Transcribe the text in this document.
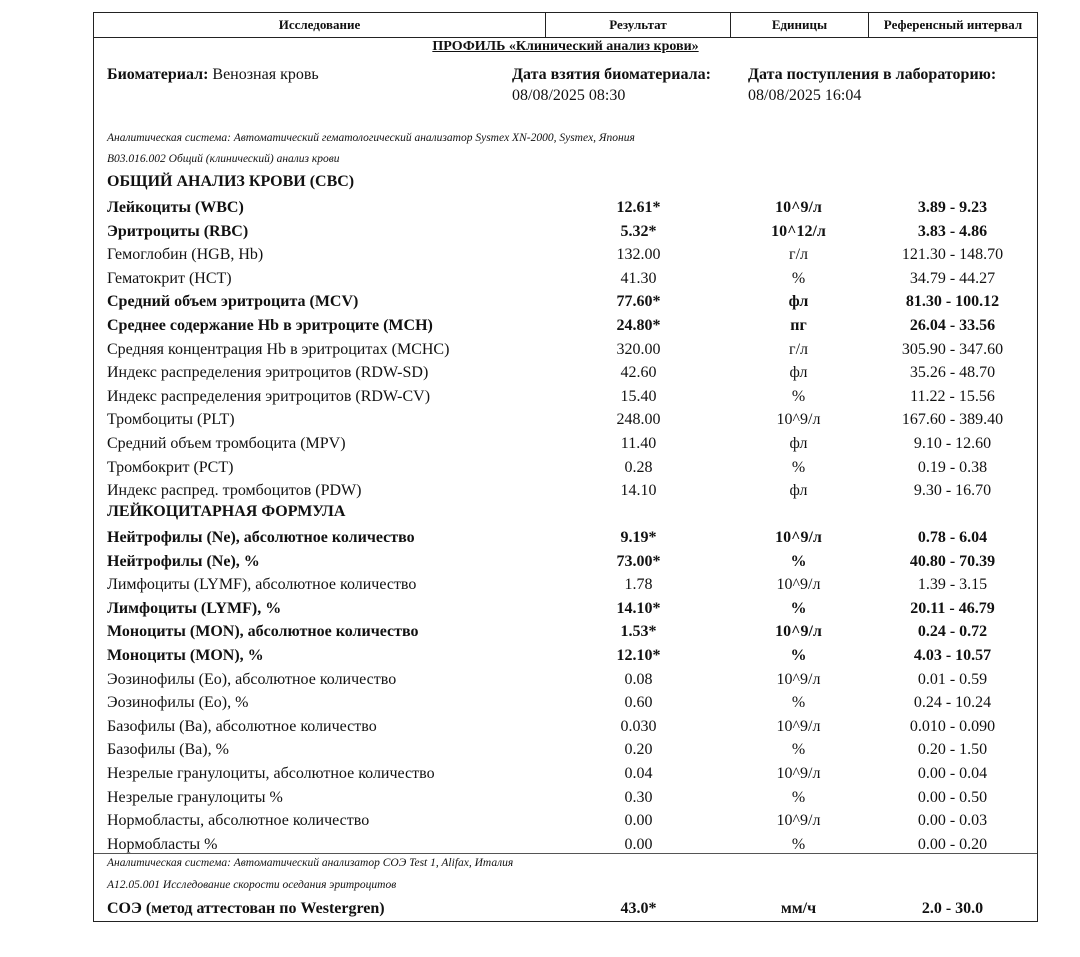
Исследование	Результат	Единицы	Референсный интервал
ПРОФИЛЬ «Клинический анализ крови»
Биоматериал: Венозная кровь	Дата взятия биоматериала:
08/08/2025 08:30
Дата поступления в лабораторию:
08/08/2025 16:04
Аналитическая система: Автоматический гематологический анализатор Sysmex XN-2000, Sysmex, Япония
B03.016.002 Общий (клинический) анализ крови
ОБЩИЙ АНАЛИЗ КРОВИ (CBC)
Лейкоциты (WBC)	12.61*	10^9/л	3.89 - 9.23
Эритроциты (RBC)	5.32*	10^12/л	3.83 - 4.86
Гемоглобин (HGB, Hb)	132.00	г/л	121.30 - 148.70
Гематокрит (HCT)	41.30	%	34.79 - 44.27
Средний объем эритроцита (MCV)	77.60*	фл	81.30 - 100.12
Среднее содержание Hb в эритроците (MCH)	24.80*	пг	26.04 - 33.56
Средняя концентрация Hb в эритроцитах (MCHC)	320.00	г/л	305.90 - 347.60
Индекс распределения эритроцитов (RDW-SD)	42.60	фл	35.26 - 48.70
Индекс распределения эритроцитов (RDW-CV)	15.40	%	11.22 - 15.56
Тромбоциты (PLT)	248.00	10^9/л	167.60 - 389.40
Средний объем тромбоцита (MPV)	11.40	фл	9.10 - 12.60
Тромбокрит (PCT)	0.28	%	0.19 - 0.38
Индекс распред. тромбоцитов (PDW)	14.10	фл	9.30 - 16.70
ЛЕЙКОЦИТАРНАЯ ФОРМУЛА
Нейтрофилы (Ne), абсолютное количество	9.19*	10^9/л	0.78 - 6.04
Нейтрофилы (Ne), %	73.00*	%	40.80 - 70.39
Лимфоциты (LYMF), абсолютное количество	1.78	10^9/л	1.39 - 3.15
Лимфоциты (LYMF), %	14.10*	%	20.11 - 46.79
Моноциты (MON), абсолютное количество	1.53*	10^9/л	0.24 - 0.72
Моноциты (MON), %	12.10*	%	4.03 - 10.57
Эозинофилы (Eo), абсолютное количество	0.08	10^9/л	0.01 - 0.59
Эозинофилы (Eo), %	0.60	%	0.24 - 10.24
Базофилы (Ba), абсолютное количество	0.030	10^9/л	0.010 - 0.090
Базофилы (Ba), %	0.20	%	0.20 - 1.50
Незрелые гранулоциты, абсолютное количество	0.04	10^9/л	0.00 - 0.04
Незрелые гранулоциты %	0.30	%	0.00 - 0.50
Нормобласты, абсолютное количество	0.00	10^9/л	0.00 - 0.03
Нормобласты %	0.00	%	0.00 - 0.20
Аналитическая система: Автоматический анализатор СОЭ Test 1, Alifax, Италия
A12.05.001 Исследование скорости оседания эритроцитов
СОЭ (метод аттестован по Westergren)	43.0*	мм/ч	2.0 - 30.0
